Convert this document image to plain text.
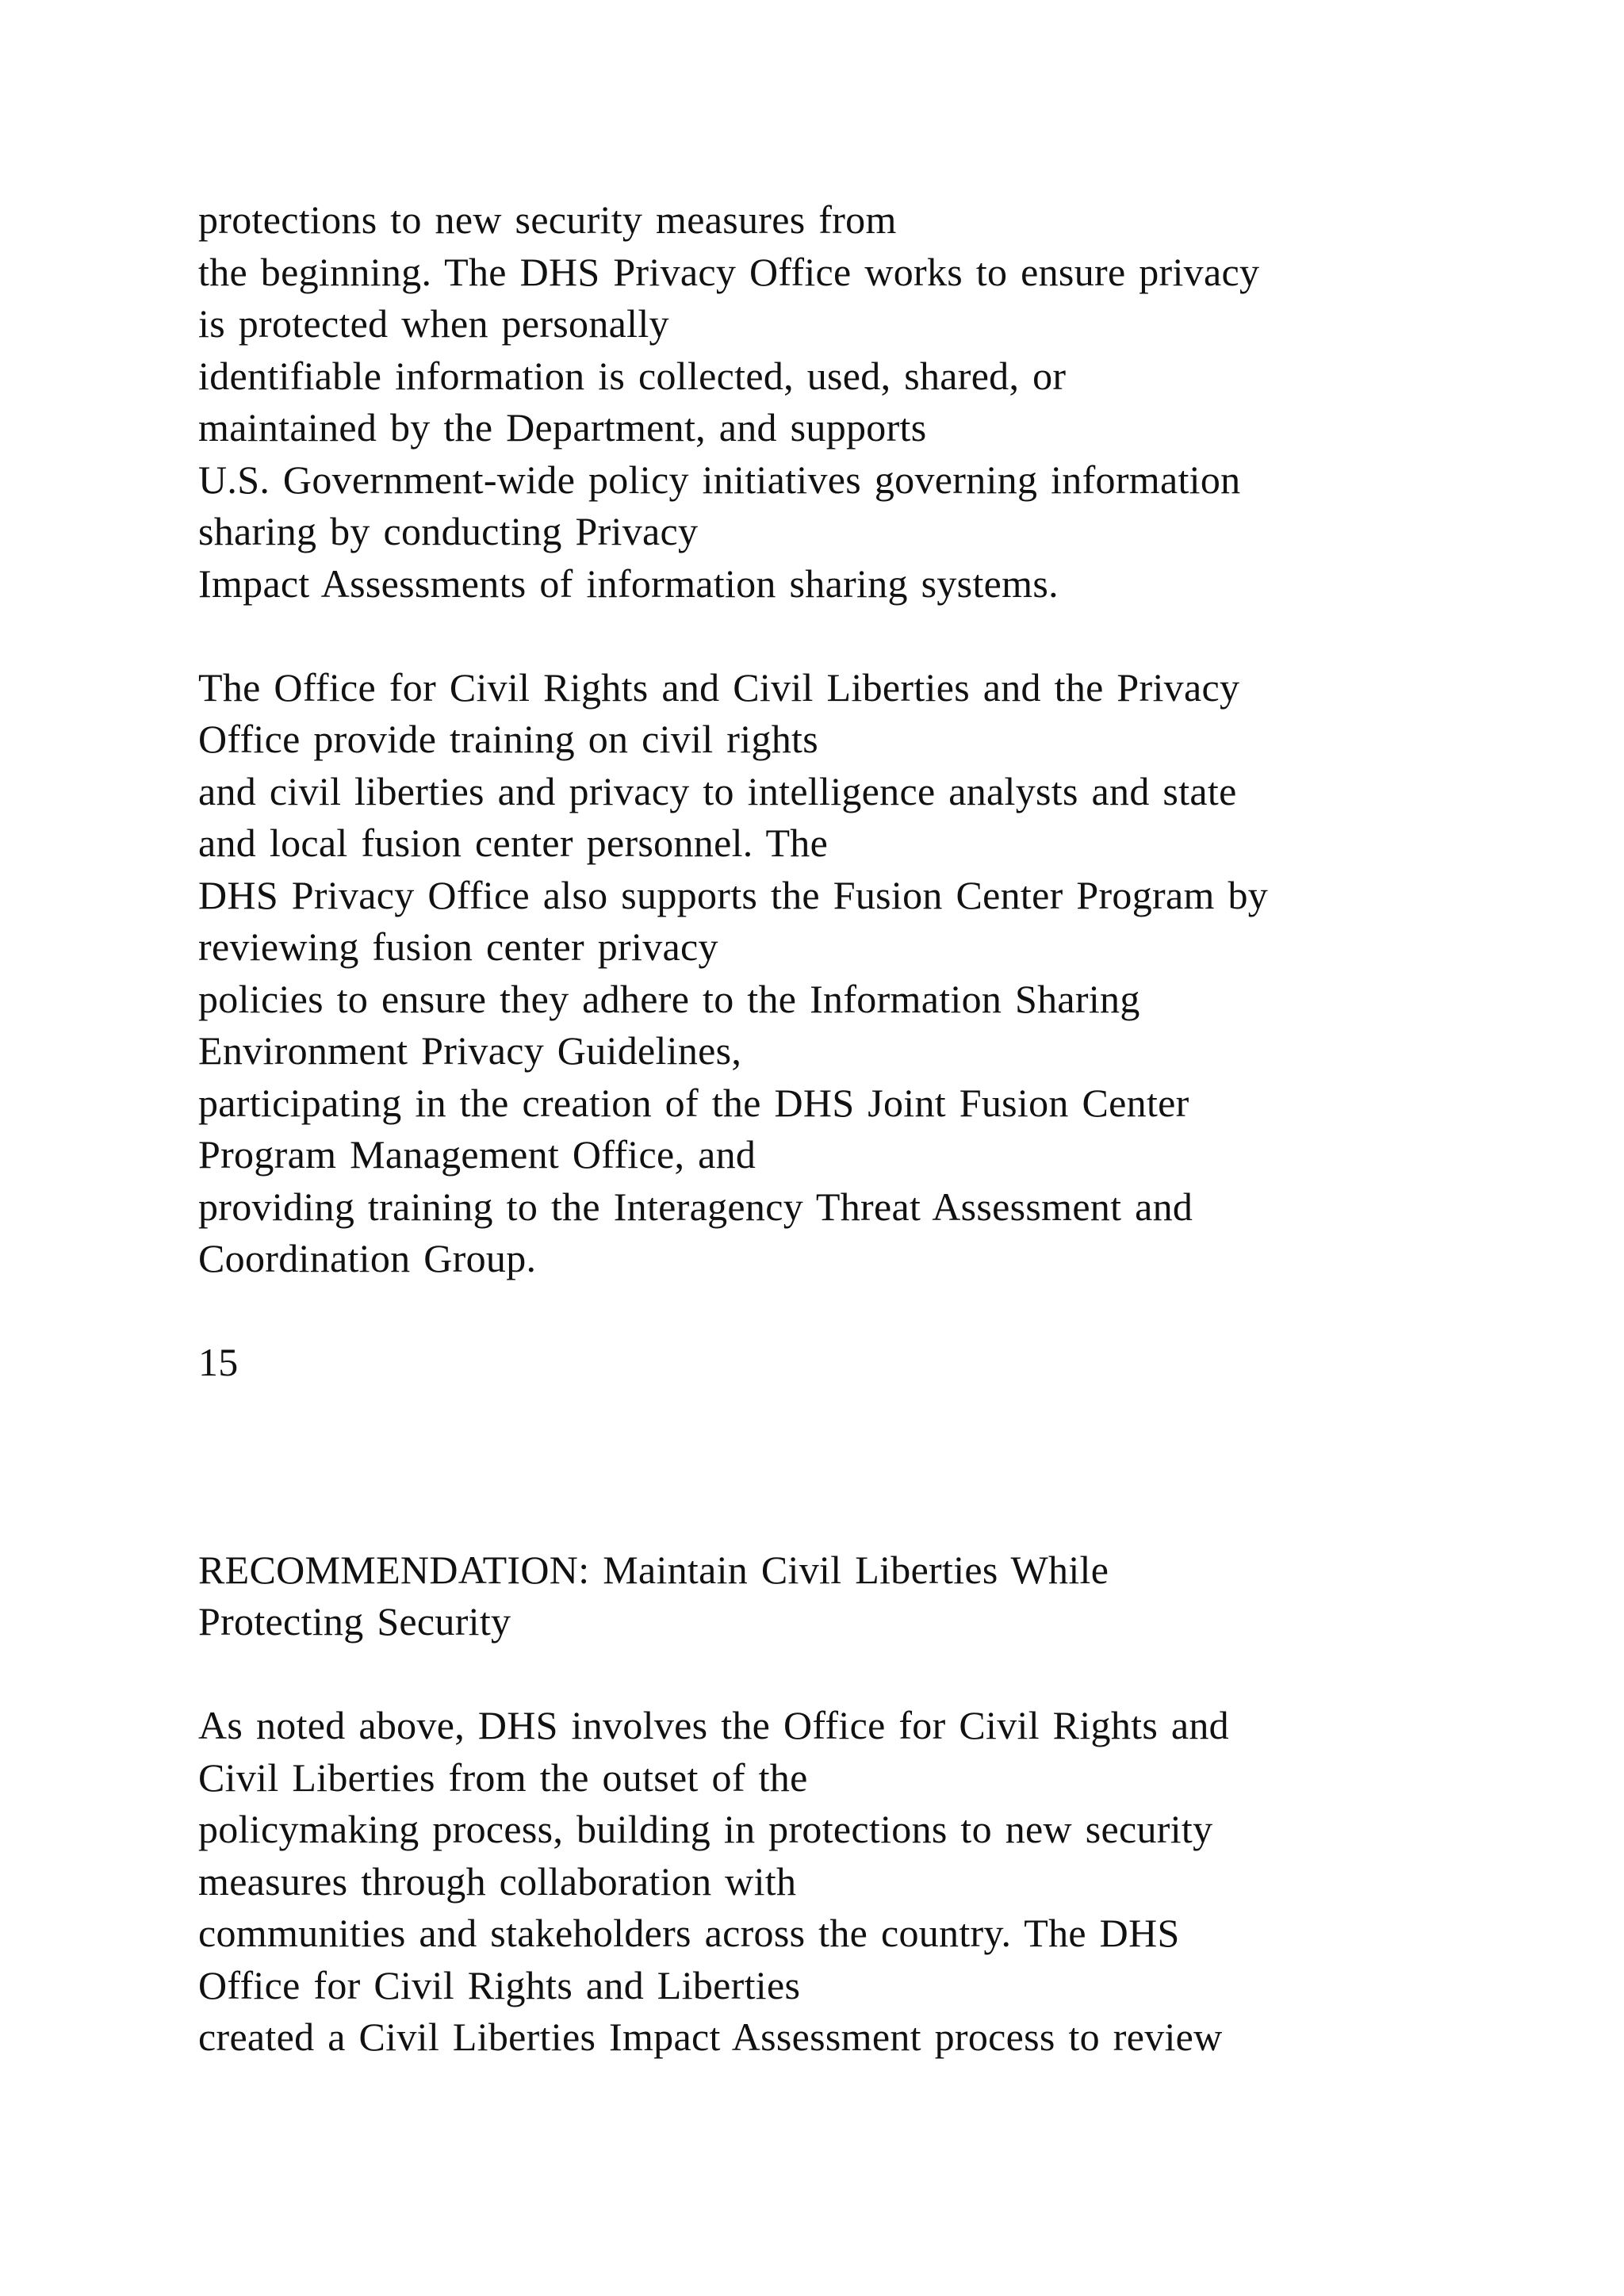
protections to new security measures from
the beginning. The DHS Privacy Office works to ensure privacy
is protected when personally
identifiable information is collected, used, shared, or
maintained by the Department, and supports
U.S. Government-wide policy initiatives governing information
sharing by conducting Privacy
Impact Assessments of information sharing systems.
The Office for Civil Rights and Civil Liberties and the Privacy
Office provide training on civil rights
and civil liberties and privacy to intelligence analysts and state
and local fusion center personnel. The
DHS Privacy Office also supports the Fusion Center Program by
reviewing fusion center privacy
policies to ensure they adhere to the Information Sharing
Environment Privacy Guidelines,
participating in the creation of the DHS Joint Fusion Center
Program Management Office, and
providing training to the Interagency Threat Assessment and
Coordination Group.
15
RECOMMENDATION: Maintain Civil Liberties While
Protecting Security
As noted above, DHS involves the Office for Civil Rights and
Civil Liberties from the outset of the
policymaking process, building in protections to new security
measures through collaboration with
communities and stakeholders across the country. The DHS
Office for Civil Rights and Liberties
created a Civil Liberties Impact Assessment process to review
